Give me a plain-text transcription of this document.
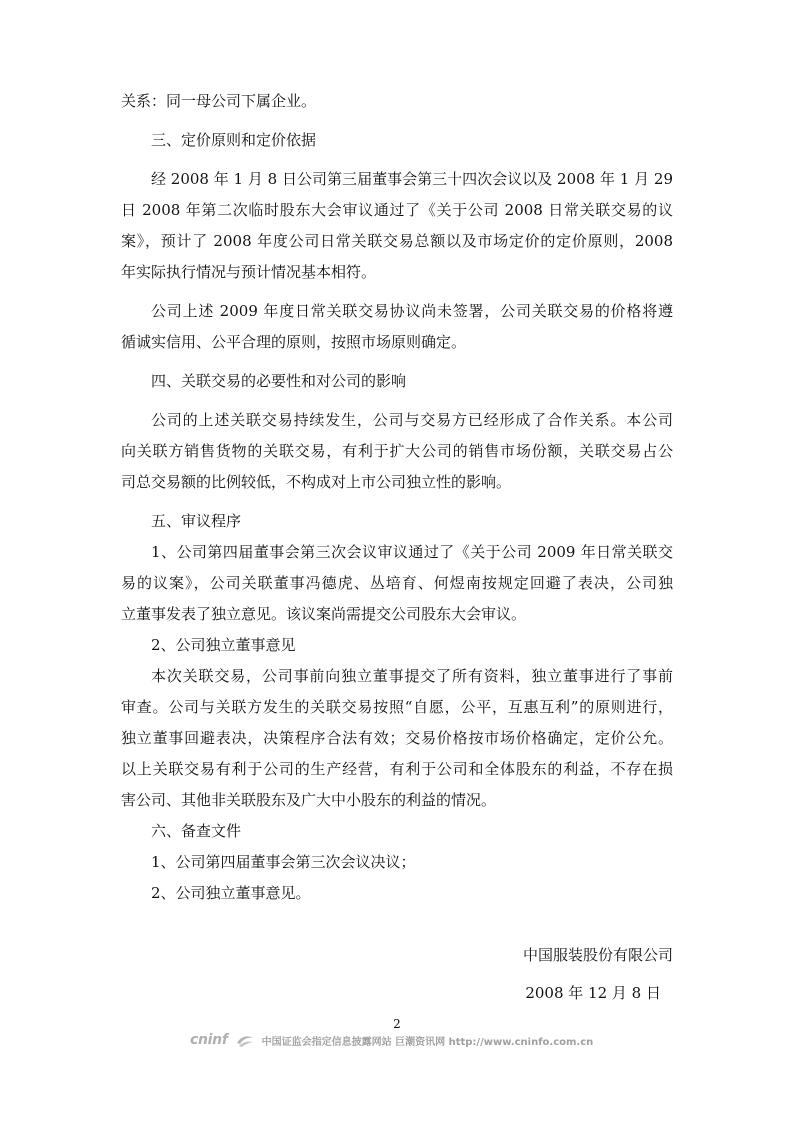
关系：同一母公司下属企业。
三、定价原则和定价依据
经 2008 年 1 月 8 日公司第三届董事会第三十四次会议以及 2008 年 1 月 29
日 2008 年第二次临时股东大会审议通过了《关于公司 2008 日常关联交易的议
案》，预计了 2008 年度公司日常关联交易总额以及市场定价的定价原则，2008
年实际执行情况与预计情况基本相符。
公司上述 2009 年度日常关联交易协议尚未签署，公司关联交易的价格将遵
循诚实信用、公平合理的原则，按照市场原则确定。
四、关联交易的必要性和对公司的影响
公司的上述关联交易持续发生，公司与交易方已经形成了合作关系。本公司
向关联方销售货物的关联交易，有利于扩大公司的销售市场份额，关联交易占公
司总交易额的比例较低，不构成对上市公司独立性的影响。
五、审议程序
1、公司第四届董事会第三次会议审议通过了《关于公司 2009 年日常关联交
易的议案》，公司关联董事冯德虎、丛培育、何煜南按规定回避了表决，公司独
立董事发表了独立意见。该议案尚需提交公司股东大会审议。
2、公司独立董事意见
本次关联交易，公司事前向独立董事提交了所有资料，独立董事进行了事前
审查。公司与关联方发生的关联交易按照“自愿，公平，互惠互利”的原则进行，
独立董事回避表决，决策程序合法有效；交易价格按市场价格确定，定价公允。
以上关联交易有利于公司的生产经营，有利于公司和全体股东的利益，不存在损
害公司、其他非关联股东及广大中小股东的利益的情况。
六、备查文件
1、公司第四届董事会第三次会议决议；
2、公司独立董事意见。
中国服装股份有限公司
2008 年 12 月 8 日
2
cninf	中国证监会指定信息披露网站 巨潮资讯网 http://www.cninfo.com.cn
